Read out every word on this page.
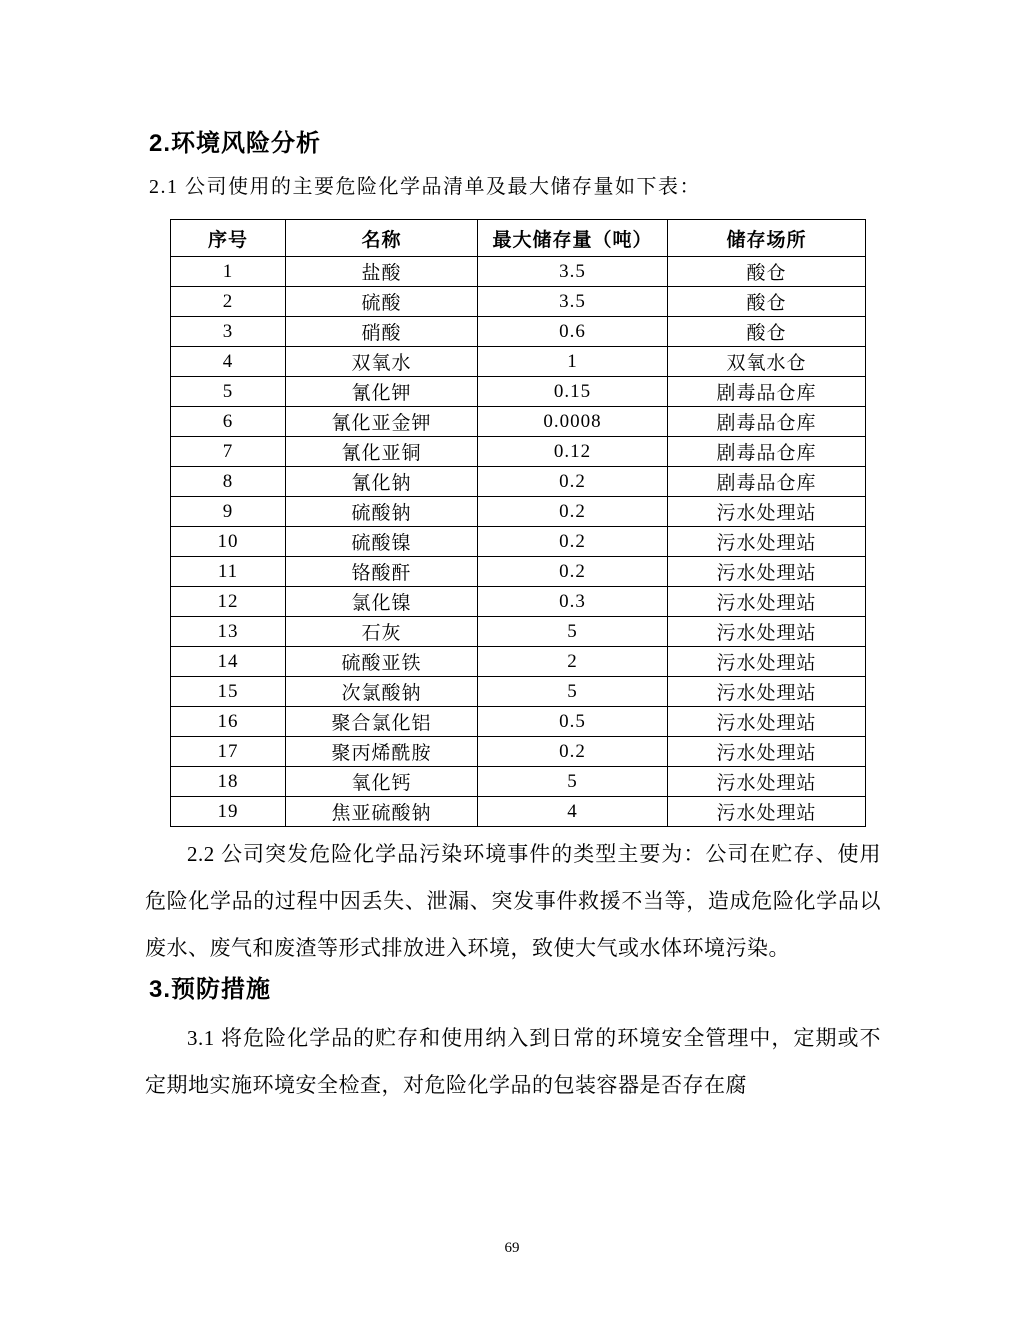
2.环境风险分析
2.1 公司使用的主要危险化学品清单及最大储存量如下表：
序号	名称	最大储存量（吨）	储存场所
1	盐酸	3.5	酸仓
2	硫酸	3.5	酸仓
3	硝酸	0.6	酸仓
4	双氧水	1	双氧水仓
5	氰化钾	0.15	剧毒品仓库
6	氰化亚金钾	0.0008	剧毒品仓库
7	氰化亚铜	0.12	剧毒品仓库
8	氰化钠	0.2	剧毒品仓库
9	硫酸钠	0.2	污水处理站
10	硫酸镍	0.2	污水处理站
11	铬酸酐	0.2	污水处理站
12	氯化镍	0.3	污水处理站
13	石灰	5	污水处理站
14	硫酸亚铁	2	污水处理站
15	次氯酸钠	5	污水处理站
16	聚合氯化铝	0.5	污水处理站
17	聚丙烯酰胺	0.2	污水处理站
18	氧化钙	5	污水处理站
19	焦亚硫酸钠	4	污水处理站
2.2 公司突发危险化学品污染环境事件的类型主要为：公司在贮存、使用危险化学品的过程中因丢失、泄漏、突发事件救援不当等，造成危险化学品以废水、废气和废渣等形式排放进入环境，致使大气或水体环境污染。
3.预防措施
3.1 将危险化学品的贮存和使用纳入到日常的环境安全管理中，定期或不定期地实施环境安全检查，对危险化学品的包装容器是否存在腐
69
